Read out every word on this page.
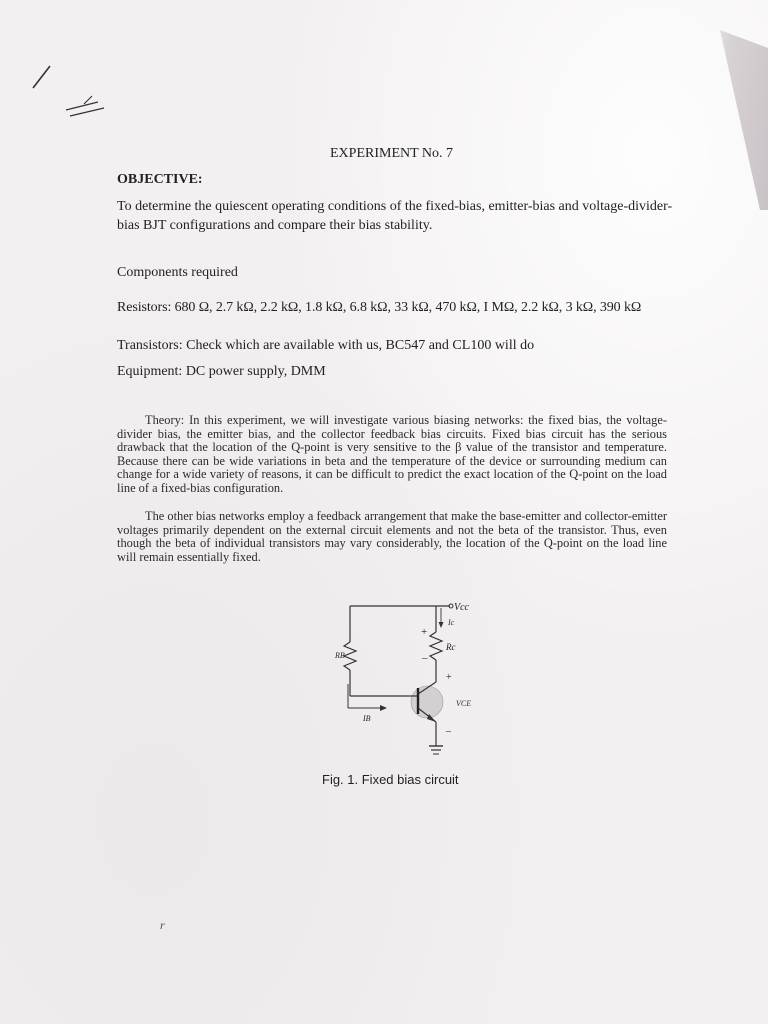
EXPERIMENT No. 7

OBJECTIVE:

To determine the quiescent operating conditions of the fixed-bias, emitter-bias and voltage-divider-bias BJT configurations and compare their bias stability.

Components required

Resistors: 680 Ω, 2.7 kΩ, 2.2 kΩ, 1.8 kΩ, 6.8 kΩ, 33 kΩ, 470 kΩ, I MΩ, 2.2 kΩ, 3 kΩ, 390 kΩ

Transistors: Check which are available with us, BC547 and CL100 will do

Equipment: DC power supply, DMM

Theory: In this experiment, we will investigate various biasing networks: the fixed bias, the voltage-divider bias, the emitter bias, and the collector feedback bias circuits. Fixed bias circuit has the serious drawback that the location of the Q-point is very sensitive to the β value of the transistor and temperature. Because there can be wide variations in beta and the temperature of the device or surrounding medium can change for a wide variety of reasons, it can be difficult to predict the exact location of the Q-point on the load line of a fixed-bias configuration.

The other bias networks employ a feedback arrangement that make the base-emitter and collector-emitter voltages primarily dependent on the external circuit elements and not the beta of the transistor. Thus, even though the beta of individual transistors may vary considerably, the location of the Q-point on the load line will remain essentially fixed.

Vcc
Ic
Rc
RB
IB
VCE
+
–
+
–

Fig. 1. Fixed bias circuit

r
